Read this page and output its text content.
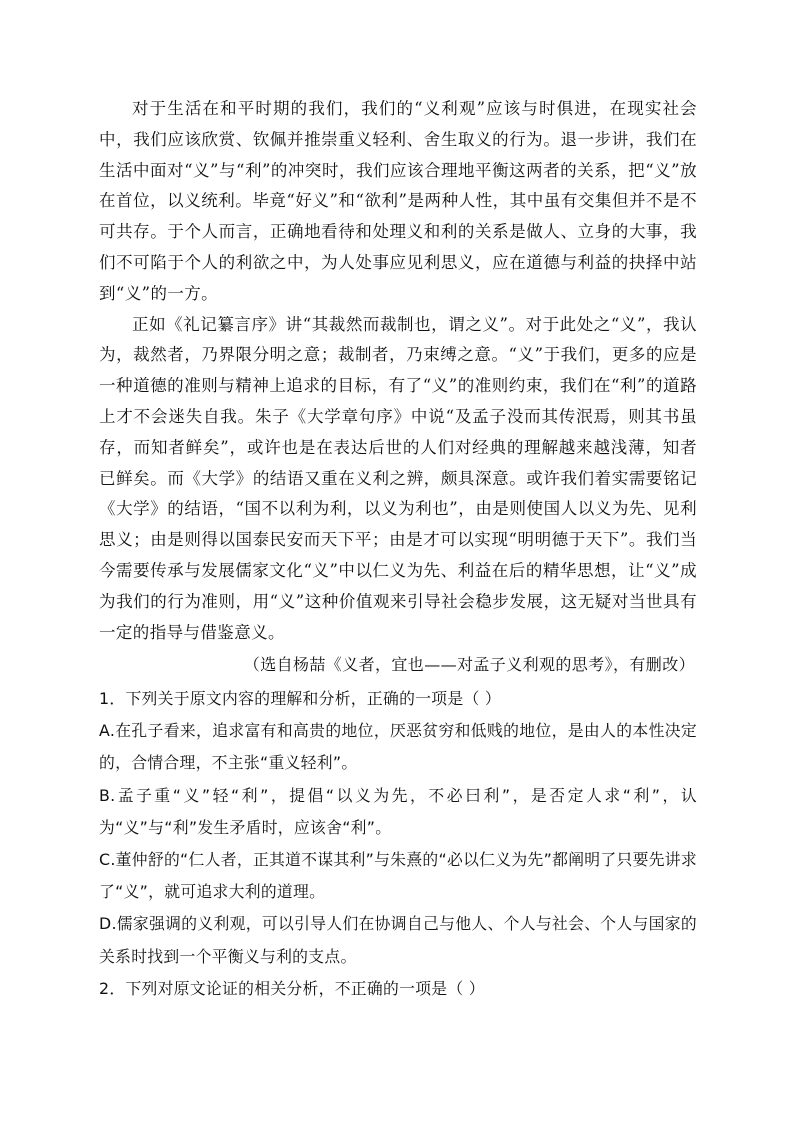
对于生活在和平时期的我们，我们的“义利观”应该与时俱进，在现实社会中，我们应该欣赏、钦佩并推崇重义轻利、舍生取义的行为。退一步讲，我们在生活中面对“义”与“利”的冲突时，我们应该合理地平衡这两者的关系，把“义”放在首位，以义统利。毕竟“好义”和“欲利”是两种人性，其中虽有交集但并不是不可共存。于个人而言，正确地看待和处理义和利的关系是做人、立身的大事，我们不可陷于个人的利欲之中，为人处事应见利思义，应在道德与利益的抉择中站到“义”的一方。

正如《礼记纂言序》讲“其裁然而裁制也，谓之义”。对于此处之“义”，我认为，裁然者，乃界限分明之意；裁制者，乃束缚之意。“义”于我们，更多的应是一种道德的准则与精神上追求的目标，有了“义”的准则约束，我们在“利”的道路上才不会迷失自我。朱子《大学章句序》中说“及孟子没而其传泯焉，则其书虽存，而知者鲜矣”，或许也是在表达后世的人们对经典的理解越来越浅薄，知者已鲜矣。而《大学》的结语又重在义利之辨，颇具深意。或许我们着实需要铭记《大学》的结语，“国不以利为利，以义为利也”，由是则使国人以义为先、见利思义；由是则得以国泰民安而天下平；由是才可以实现“明明德于天下”。我们当今需要传承与发展儒家文化“义”中以仁义为先、利益在后的精华思想，让“义”成为我们的行为准则，用“义”这种价值观来引导社会稳步发展，这无疑对当世具有一定的指导与借鉴意义。

（选自杨喆《义者，宜也——对孟子义利观的思考》，有删改）

1．下列关于原文内容的理解和分析，正确的一项是（ ）
A.在孔子看来，追求富有和高贵的地位，厌恶贫穷和低贱的地位，是由人的本性决定的，合情合理，不主张“重义轻利”。
B.孟子重“义”轻“利”，提倡“以义为先，不必曰利”，是否定人求“利”，认为“义”与“利”发生矛盾时，应该舍“利”。
C.董仲舒的“仁人者，正其道不谋其利”与朱熹的“必以仁义为先”都阐明了只要先讲求了“义”，就可追求大利的道理。
D.儒家强调的义利观，可以引导人们在协调自己与他人、个人与社会、个人与国家的关系时找到一个平衡义与利的支点。
2．下列对原文论证的相关分析，不正确的一项是（ ）
